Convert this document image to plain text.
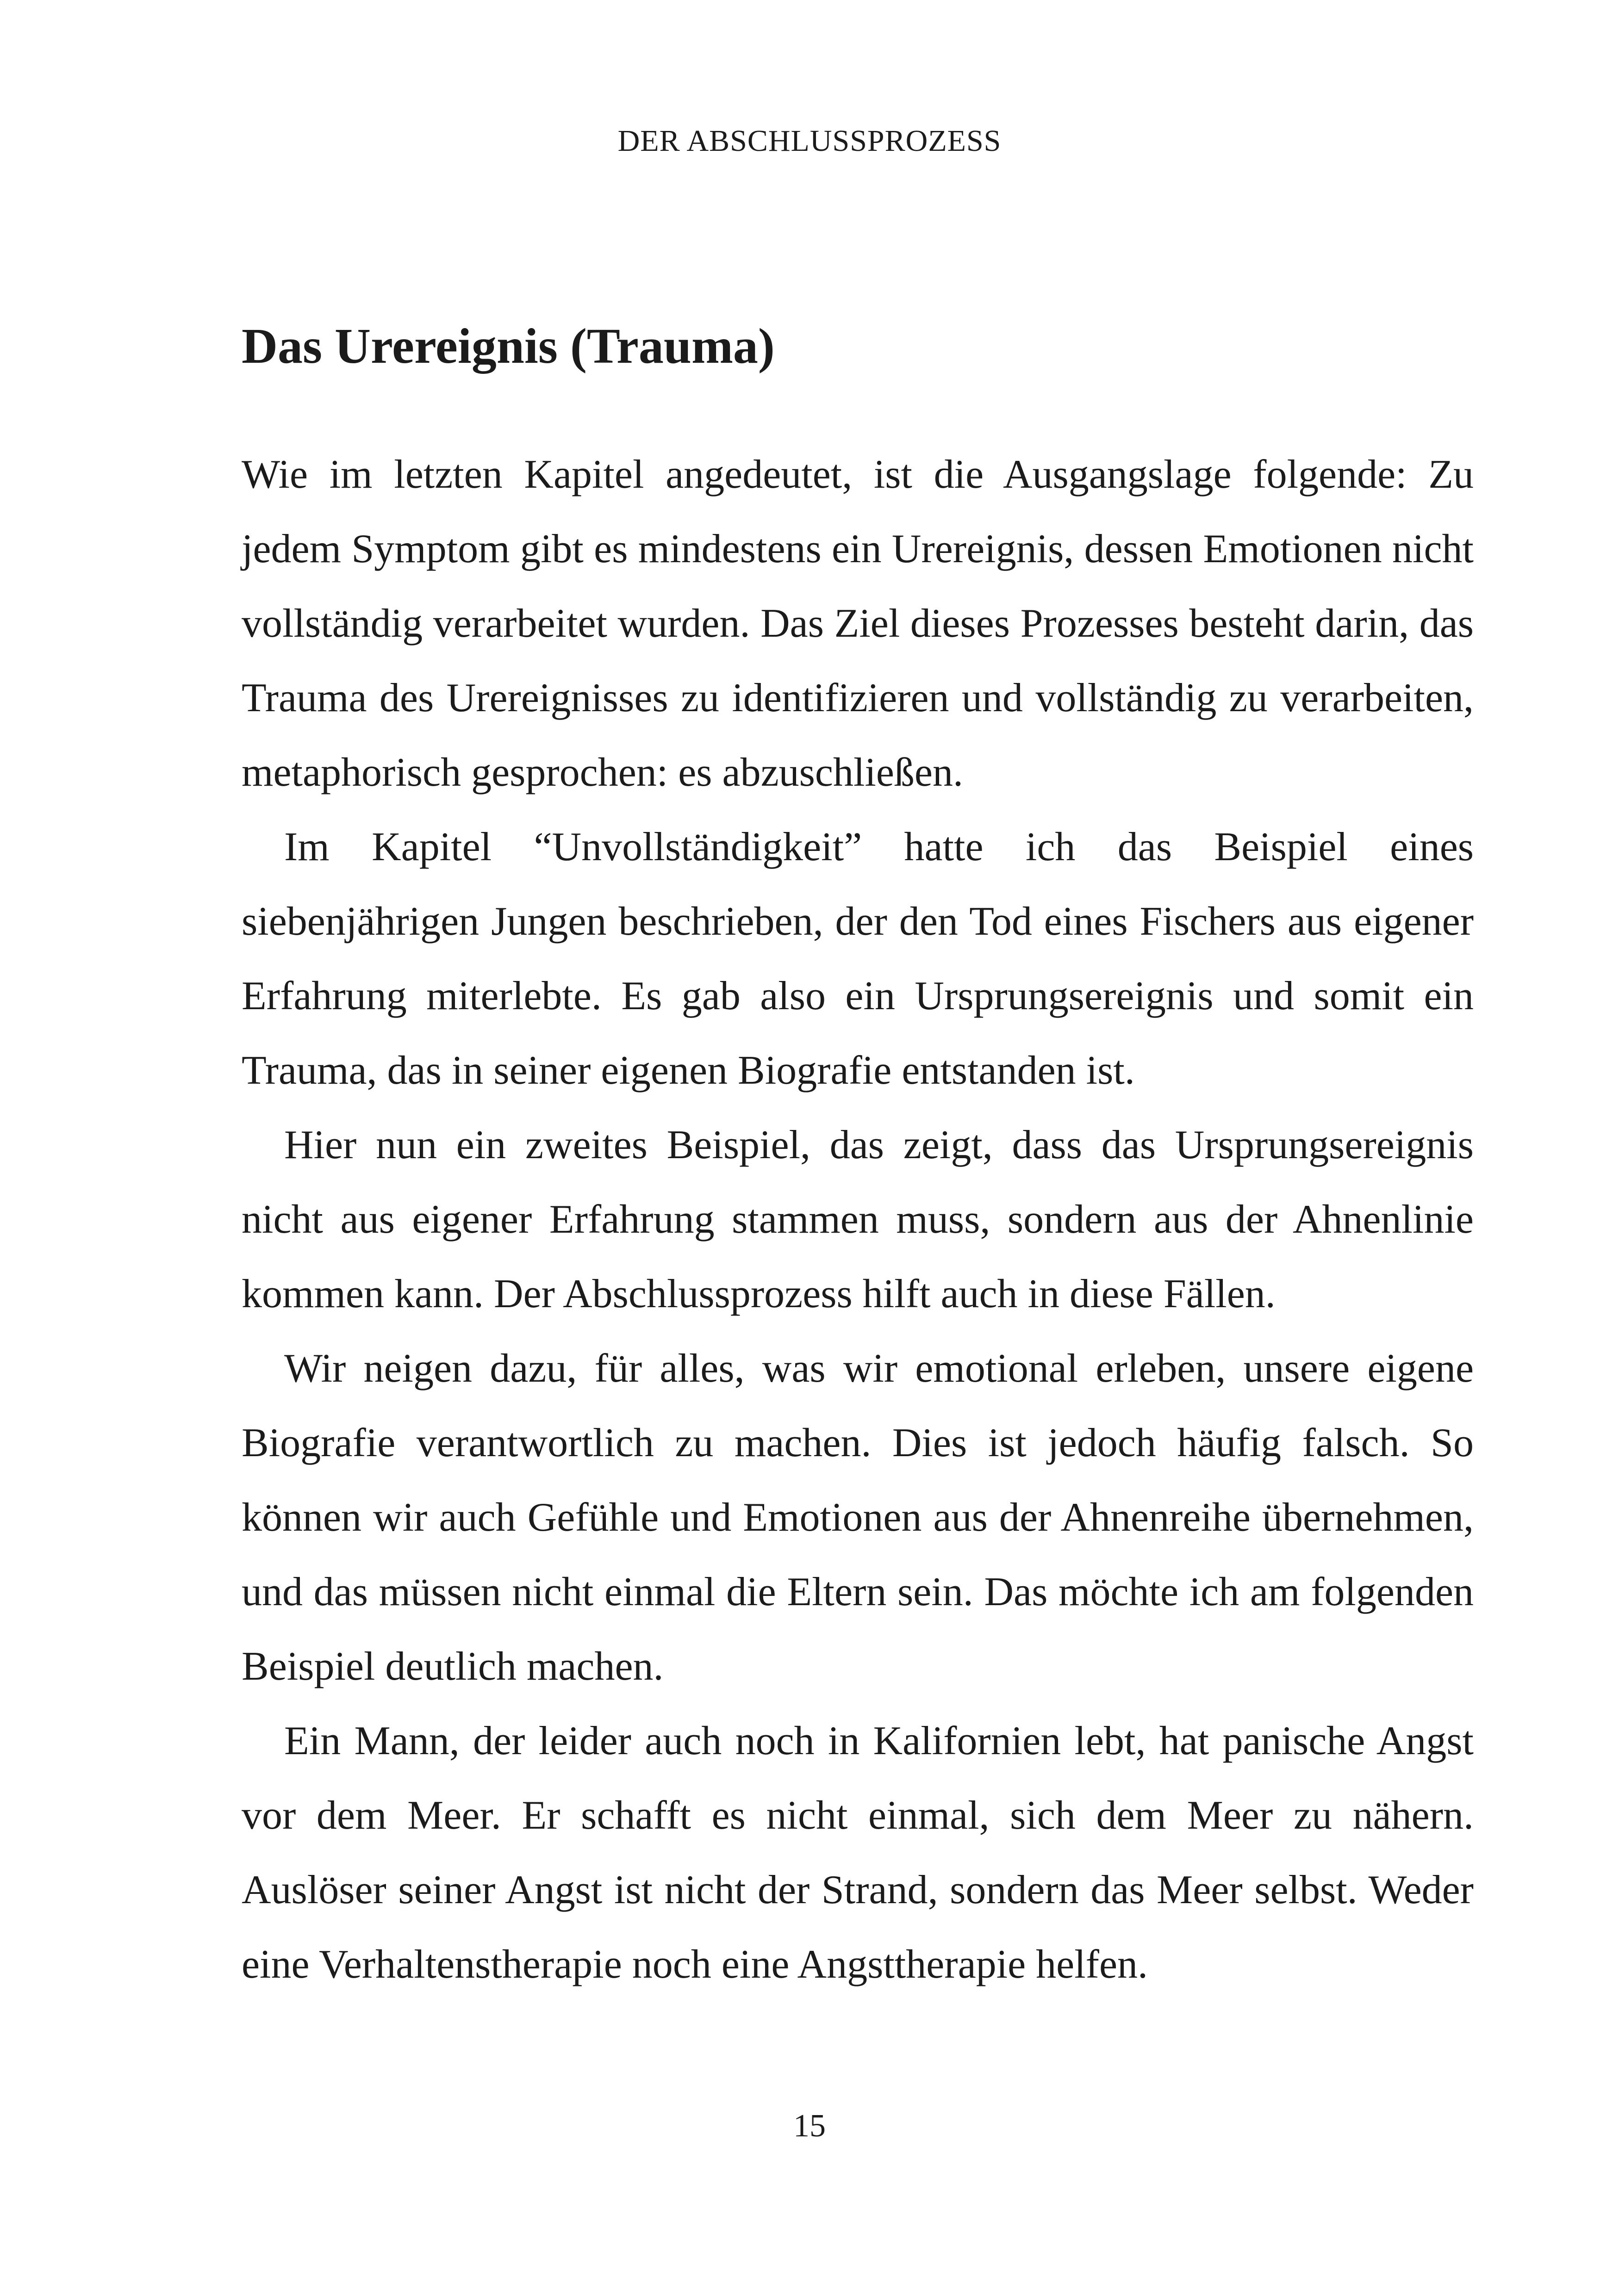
DER ABSCHLUSSPROZESS
Das Urereignis (Trauma)

Wie im letzten Kapitel angedeutet, ist die Ausgangslage folgende: Zu jedem Symptom gibt es mindestens ein Urereignis, dessen Emotionen nicht vollständig verarbeitet wurden. Das Ziel dieses Prozesses besteht darin, das Trauma des Urereignisses zu identifizieren und vollständig zu verarbeiten, metaphorisch gesprochen: es abzuschließen.

Im Kapitel “Unvollständigkeit” hatte ich das Beispiel eines siebenjährigen Jungen beschrieben, der den Tod eines Fischers aus eigener Erfahrung miterlebte. Es gab also ein Ursprungsereignis und somit ein Trauma, das in seiner eigenen Biografie entstanden ist.

Hier nun ein zweites Beispiel, das zeigt, dass das Ursprungsereignis nicht aus eigener Erfahrung stammen muss, sondern aus der Ahnenlinie kommen kann. Der Abschlussprozess hilft auch in diese Fällen.

Wir neigen dazu, für alles, was wir emotional erleben, unsere eigene Biografie verantwortlich zu machen. Dies ist jedoch häufig falsch. So können wir auch Gefühle und Emotionen aus der Ahnenreihe übernehmen, und das müssen nicht einmal die Eltern sein. Das möchte ich am folgenden Beispiel deutlich machen.

Ein Mann, der leider auch noch in Kalifornien lebt, hat panische Angst vor dem Meer. Er schafft es nicht einmal, sich dem Meer zu nähern. Auslöser seiner Angst ist nicht der Strand, sondern das Meer selbst. Weder eine Verhaltenstherapie noch eine Angsttherapie helfen.

15
